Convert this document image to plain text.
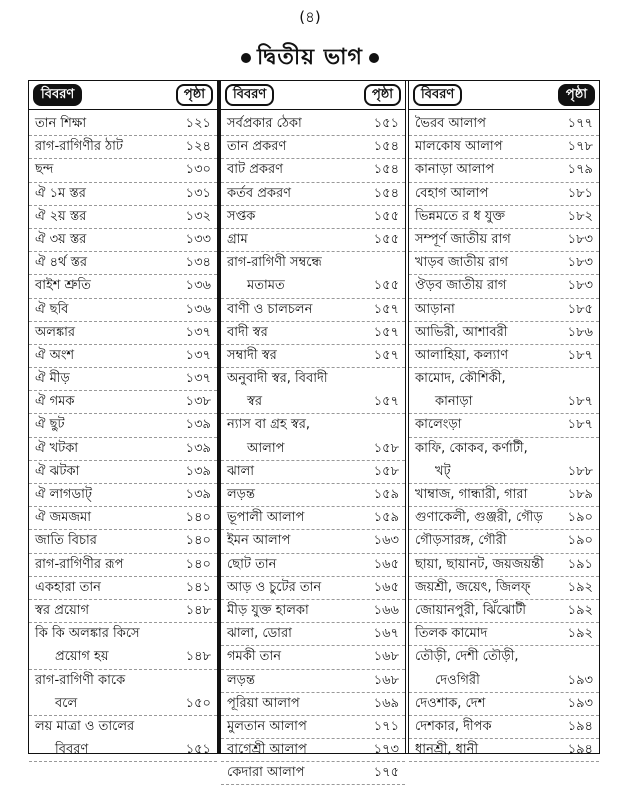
(৪)
দ্বিতীয় ভাগ
বিবরণ	পৃষ্ঠা
তান শিক্ষা	১২১
রাগ-রাগিণীর ঠাট	১২৪
ছন্দ	১৩০
ঐ ১ম স্তর	১৩১
ঐ ২য় স্তর	১৩২
ঐ ৩য় স্তর	১৩৩
ঐ ৪র্থ স্তর	১৩৪
বাইশ শ্রুতি	১৩৬
ঐ ছবি	১৩৬
অলঙ্কার	১৩৭
ঐ অংশ	১৩৭
ঐ মীড়	১৩৭
ঐ গমক	১৩৮
ঐ ছুট	১৩৯
ঐ খটকা	১৩৯
ঐ ঝটকা	১৩৯
ঐ লাগডাট্	১৩৯
ঐ জমজমা	১৪০
জাতি বিচার	১৪০
রাগ-রাগিণীর রূপ	১৪০
একহারা তান	১৪১
স্বর প্রয়োগ	১৪৮
কি কি অলঙ্কার কিসে
প্রয়োগ হয়	১৪৮
রাগ-রাগিণী কাকে
বলে	১৫০
লয় মাত্রা ও তালের
বিবরণ	১৫১
বিবরণ	পৃষ্ঠা
সর্বপ্রকার ঠেকা	১৫১
তান প্রকরণ	১৫৪
বাট প্রকরণ	১৫৪
কর্তব প্রকরণ	১৫৪
সপ্তক	১৫৫
গ্রাম	১৫৫
রাগ-রাগিণী সম্বন্ধে
মতামত	১৫৫
বাণী ও চালচলন	১৫৭
বাদী স্বর	১৫৭
সম্বাদী স্বর	১৫৭
অনুবাদী স্বর, বিবাদী
স্বর	১৫৭
ন্যাস বা গ্রহ স্বর,
আলাপ	১৫৮
ঝালা	১৫৮
লড়ন্ত	১৫৯
ভূপালী আলাপ	১৫৯
ইমন আলাপ	১৬৩
ছোট তান	১৬৫
আড় ও চুটের তান	১৬৫
মীড় যুক্ত হালকা	১৬৬
ঝালা, ডোরা	১৬৭
গমকী তান	১৬৮
লড়ন্ত	১৬৮
পূরিয়া আলাপ	১৬৯
মুলতান আলাপ	১৭১
বাগেশ্রী আলাপ	১৭৩
কেদারা আলাপ	১৭৫
বিবরণ	পৃষ্ঠা
ভৈরব আলাপ	১৭৭
মালকোষ আলাপ	১৭৮
কানাড়া আলাপ	১৭৯
বেহাগ আলাপ	১৮১
ভিন্নমতে র ধ যুক্ত	১৮২
সম্পূর্ণ জাতীয় রাগ	১৮৩
খাড়ব জাতীয় রাগ	১৮৩
ঔড়ব জাতীয় রাগ	১৮৩
আড়ানা	১৮৫
আভিরী, আশাবরী	১৮৬
আলাহিয়া, কল্যাণ	১৮৭
কামোদ, কৌশিকী,
কানাড়া	১৮৭
কালেংড়া	১৮৭
কাফি, কোকব, কর্ণাটী,
খট্	১৮৮
খাম্বাজ, গান্ধারী, গারা	১৮৯
গুণাকেলী, গুঞ্জরী, গৌড় ১৯০
গৌড়সারঙ্গ, গৌরী	১৯০
ছায়া, ছায়ানট, জয়জয়ন্তী ১৯১
জয়শ্রী, জয়েৎ, জিলফ্	১৯২
জোয়ানপুরী, ঝিঁঝোটী	১৯২
তিলক কামোদ	১৯২
তৌড়ী, দেশী তৌড়ী,
দেওগিরী	১৯৩
দেওশাক, দেশ	১৯৩
দেশকার, দীপক	১৯৪
ধানশ্রী, ধানী	১৯৪
